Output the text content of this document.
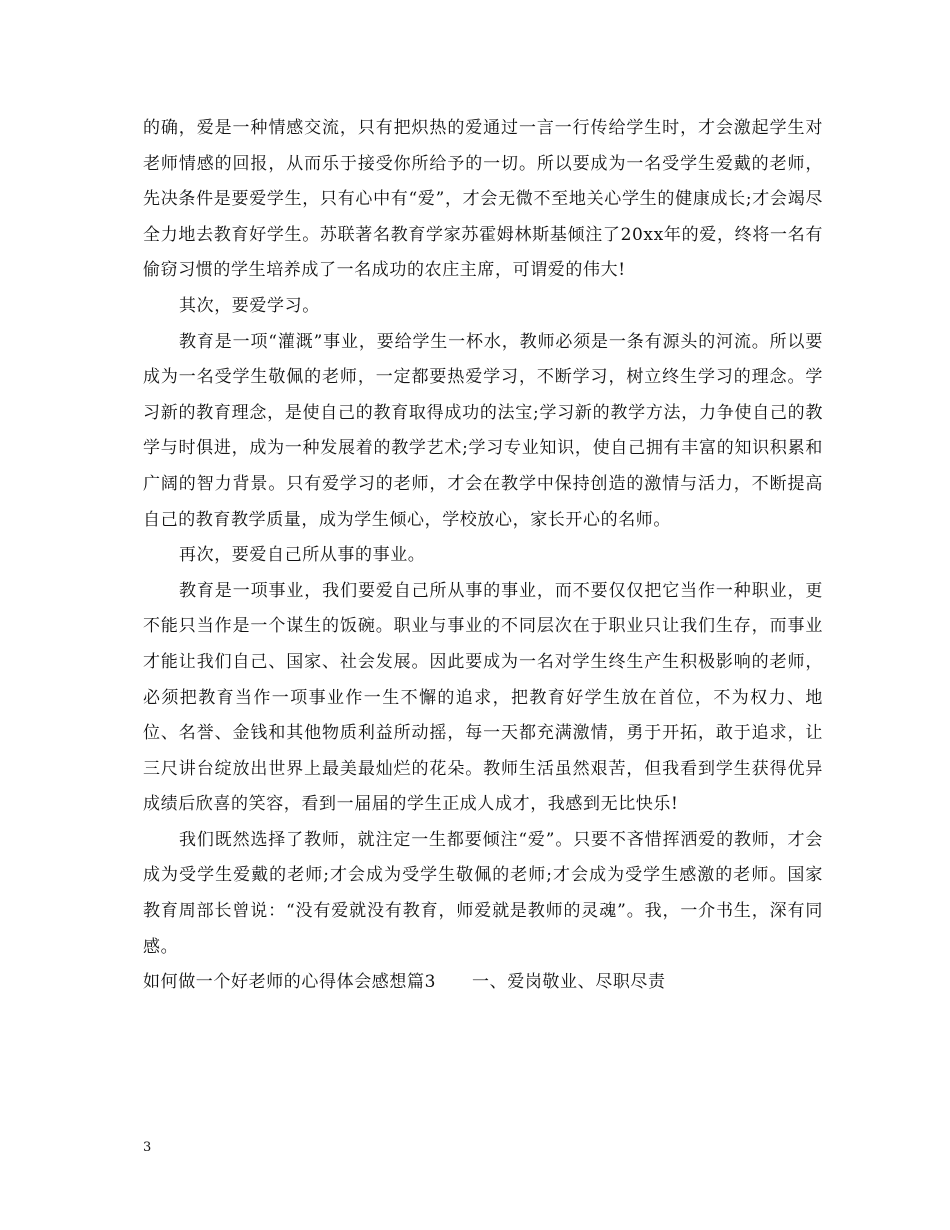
的确，爱是一种情感交流，只有把炽热的爱通过一言一行传给学生时，才会激起学生对老师情感的回报，从而乐于接受你所给予的一切。所以要成为一名受学生爱戴的老师，先决条件是要爱学生，只有心中有“爱”，才会无微不至地关心学生的健康成长;才会竭尽全力地去教育好学生。苏联著名教育学家苏霍姆林斯基倾注了20xx年的爱，终将一名有偷窃习惯的学生培养成了一名成功的农庄主席，可谓爱的伟大!

其次，要爱学习。

教育是一项“灌溉”事业，要给学生一杯水，教师必须是一条有源头的河流。所以要成为一名受学生敬佩的老师，一定都要热爱学习，不断学习，树立终生学习的理念。学习新的教育理念，是使自己的教育取得成功的法宝;学习新的教学方法，力争使自己的教学与时俱进，成为一种发展着的教学艺术;学习专业知识，使自己拥有丰富的知识积累和广阔的智力背景。只有爱学习的老师，才会在教学中保持创造的激情与活力，不断提高自己的教育教学质量，成为学生倾心，学校放心，家长开心的名师。

再次，要爱自己所从事的事业。

教育是一项事业，我们要爱自己所从事的事业，而不要仅仅把它当作一种职业，更不能只当作是一个谋生的饭碗。职业与事业的不同层次在于职业只让我们生存，而事业才能让我们自己、国家、社会发展。因此要成为一名对学生终生产生积极影响的老师，必须把教育当作一项事业作一生不懈的追求，把教育好学生放在首位，不为权力、地位、名誉、金钱和其他物质利益所动摇，每一天都充满激情，勇于开拓，敢于追求，让三尺讲台绽放出世界上最美最灿烂的花朵。教师生活虽然艰苦，但我看到学生获得优异成绩后欣喜的笑容，看到一届届的学生正成人成才，我感到无比快乐!

我们既然选择了教师，就注定一生都要倾注“爱”。只要不吝惜挥洒爱的教师，才会成为受学生爱戴的老师;才会成为受学生敬佩的老师;才会成为受学生感激的老师。国家教育周部长曾说：“没有爱就没有教育，师爱就是教师的灵魂”。我，一介书生，深有同感。

如何做一个好老师的心得体会感想篇3 一、爱岗敬业、尽职尽责

3
